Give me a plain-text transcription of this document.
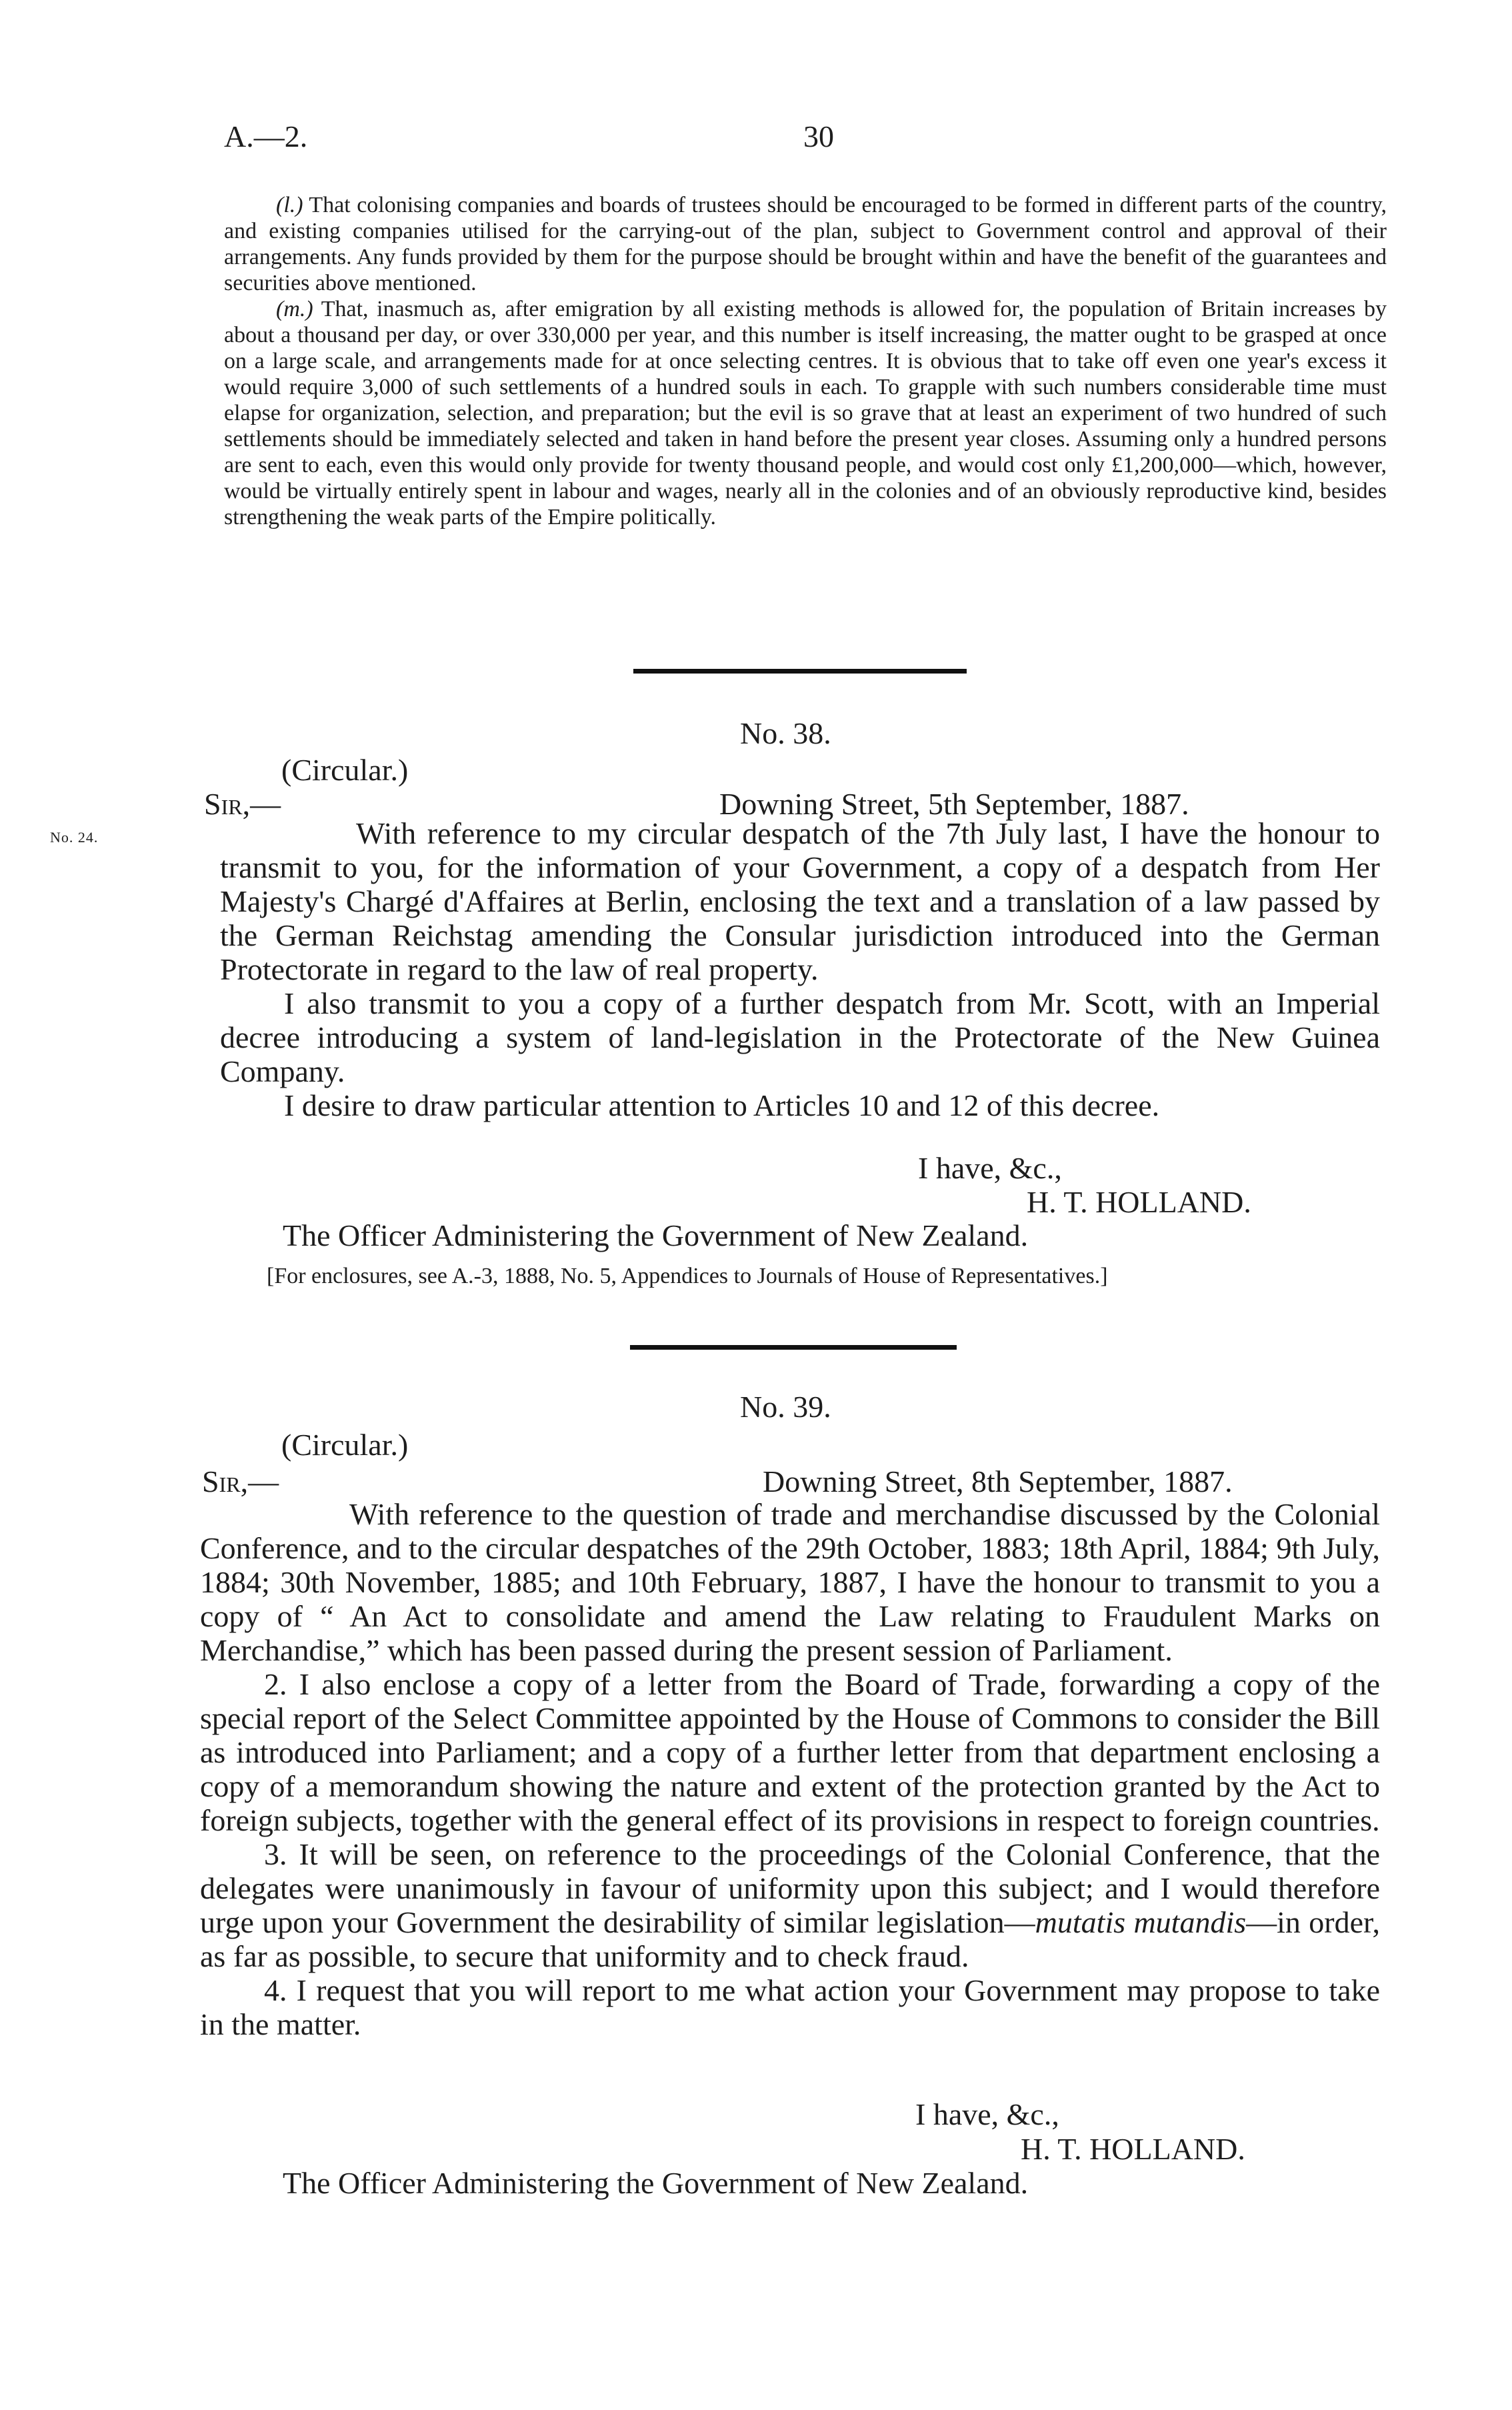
A.—2.	30

(l.) That colonising companies and boards of trustees should be encouraged to be formed in different parts of the country, and existing companies utilised for the carrying-out of the plan, subject to Government control and approval of their arrangements. Any funds provided by them for the purpose should be brought within and have the benefit of the guarantees and securities above mentioned.

(m.) That, inasmuch as, after emigration by all existing methods is allowed for, the population of Britain increases by about a thousand per day, or over 330,000 per year, and this number is itself increasing, the matter ought to be grasped at once on a large scale, and arrangements made for at once selecting centres. It is obvious that to take off even one year's excess it would require 3,000 of such settlements of a hundred souls in each. To grapple with such numbers considerable time must elapse for organization, selection, and preparation; but the evil is so grave that at least an experiment of two hundred of such settlements should be immediately selected and taken in hand before the present year closes. Assuming only a hundred persons are sent to each, even this would only provide for twenty thousand people, and would cost only £1,200,000—which, however, would be virtually entirely spent in labour and wages, nearly all in the colonies and of an obviously reproductive kind, besides strengthening the weak parts of the Empire politically.

No. 38.
(Circular.)
Sir,—	Downing Street, 5th September, 1887.
No. 24.	With reference to my circular despatch of the 7th July last, I have the honour to transmit to you, for the information of your Government, a copy of a despatch from Her Majesty's Chargé d'Affaires at Berlin, enclosing the text and a translation of a law passed by the German Reichstag amending the Consular jurisdiction introduced into the German Protectorate in regard to the law of real property.

I also transmit to you a copy of a further despatch from Mr. Scott, with an Imperial decree introducing a system of land-legislation in the Protectorate of the New Guinea Company.

I desire to draw particular attention to Articles 10 and 12 of this decree.

I have, &c.,
H. T. HOLLAND.
The Officer Administering the Government of New Zealand.
[For enclosures, see A.-3, 1888, No. 5, Appendices to Journals of House of Representatives.]
No. 39.
(Circular.)
Sir,—	Downing Street, 8th September, 1887.

With reference to the question of trade and merchandise discussed by the Colonial Conference, and to the circular despatches of the 29th October, 1883; 18th April, 1884; 9th July, 1884; 30th November, 1885; and 10th February, 1887, I have the honour to transmit to you a copy of “ An Act to consolidate and amend the Law relating to Fraudulent Marks on Merchandise,” which has been passed during the present session of Parliament.

2. I also enclose a copy of a letter from the Board of Trade, forwarding a copy of the special report of the Select Committee appointed by the House of Commons to consider the Bill as introduced into Parliament; and a copy of a further letter from that department enclosing a copy of a memorandum showing the nature and extent of the protection granted by the Act to foreign subjects, together with the general effect of its provisions in respect to foreign countries.

3. It will be seen, on reference to the proceedings of the Colonial Conference, that the delegates were unanimously in favour of uniformity upon this subject; and I would therefore urge upon your Government the desirability of similar legislation—mutatis mutandis—in order, as far as possible, to secure that uniformity and to check fraud.

4. I request that you will report to me what action your Government may propose to take in the matter.

I have, &c.,
H. T. HOLLAND.
The Officer Administering the Government of New Zealand.
